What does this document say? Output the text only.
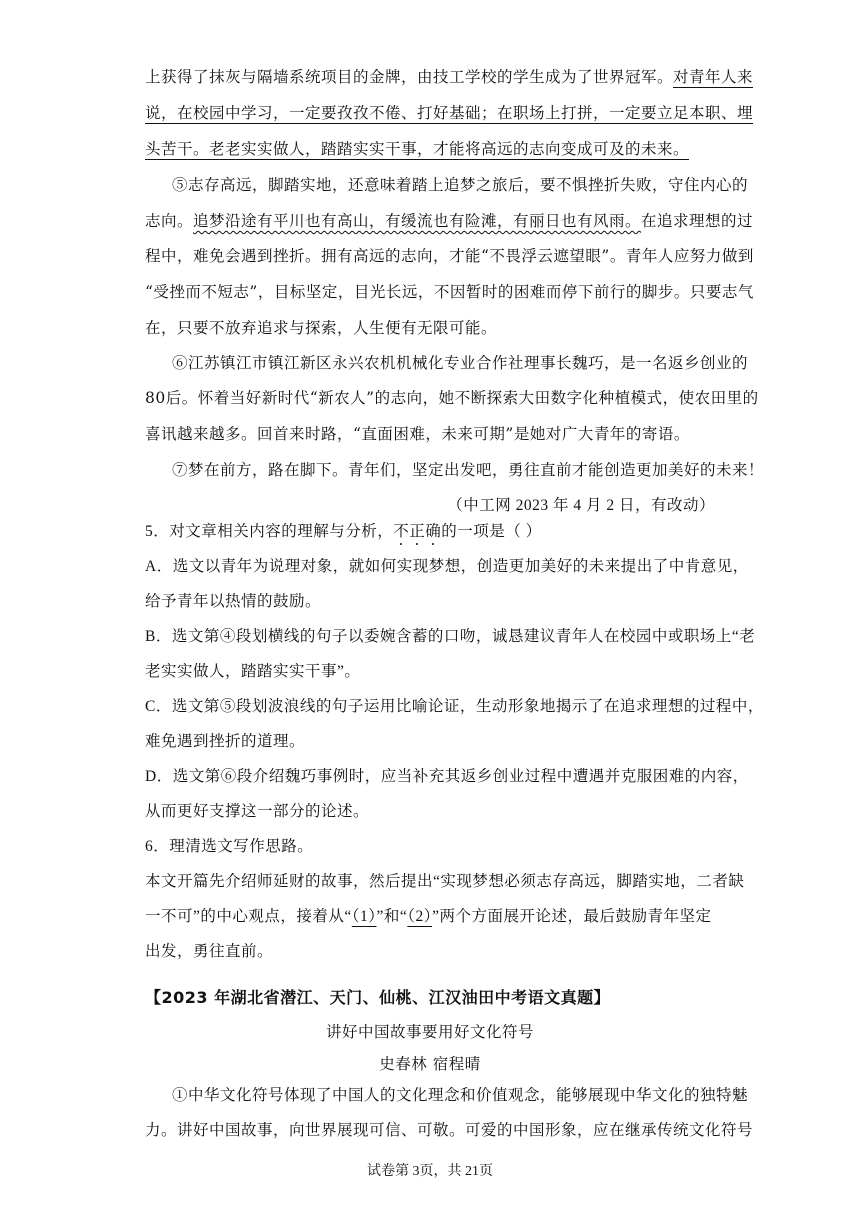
上获得了抹灰与隔墙系统项目的金牌，由技工学校的学生成为了世界冠军。对青年人来
说，在校园中学习，一定要孜孜不倦、打好基础；在职场上打拼，一定要立足本职、埋
头苦干。老老实实做人，踏踏实实干事，才能将高远的志向变成可及的未来。
⑤志存高远，脚踏实地，还意味着踏上追梦之旅后，要不惧挫折失败，守住内心的
志向。追梦沿途有平川也有高山，有缓流也有险滩，有丽日也有风雨。在追求理想的过
程中，难免会遇到挫折。拥有高远的志向，才能“不畏浮云遮望眼”。青年人应努力做到
“受挫而不短志”，目标坚定，目光长远，不因暂时的困难而停下前行的脚步。只要志气
在，只要不放弃追求与探索，人生便有无限可能。
⑥江苏镇江市镇江新区永兴农机机械化专业合作社理事长魏巧，是一名返乡创业的
80后。怀着当好新时代“新农人”的志向，她不断探索大田数字化种植模式，使农田里的
喜讯越来越多。回首来时路，“直面困难，未来可期”是她对广大青年的寄语。
⑦梦在前方，路在脚下。青年们，坚定出发吧，勇往直前才能创造更加美好的未来！
（中工网 2023 年 4 月 2 日，有改动）
5．对文章相关内容的理解与分析，不正确的一项是（ ）
A．选文以青年为说理对象，就如何实现梦想，创造更加美好的未来提出了中肯意见，
给予青年以热情的鼓励。
B．选文第④段划横线的句子以委婉含蓄的口吻，诚恳建议青年人在校园中或职场上“老
老实实做人，踏踏实实干事”。
C．选文第⑤段划波浪线的句子运用比喻论证，生动形象地揭示了在追求理想的过程中，
难免遇到挫折的道理。
D．选文第⑥段介绍魏巧事例时，应当补充其返乡创业过程中遭遇并克服困难的内容，
从而更好支撑这一部分的论述。
6．理清选文写作思路。
本文开篇先介绍师延财的故事，然后提出“实现梦想必须志存高远，脚踏实地，二者缺
一不可”的中心观点，接着从“（1）”和“（2）”两个方面展开论述，最后鼓励青年坚定
出发，勇往直前。
【2023 年湖北省潜江、天门、仙桃、江汉油田中考语文真题】
讲好中国故事要用好文化符号
史春林 宿程晴
①中华文化符号体现了中国人的文化理念和价值观念，能够展现中华文化的独特魅
试卷第 3页，共 21页
力。讲好中国故事，向世界展现可信、可敬。可爱的中国形象，应在继承传统文化符号
